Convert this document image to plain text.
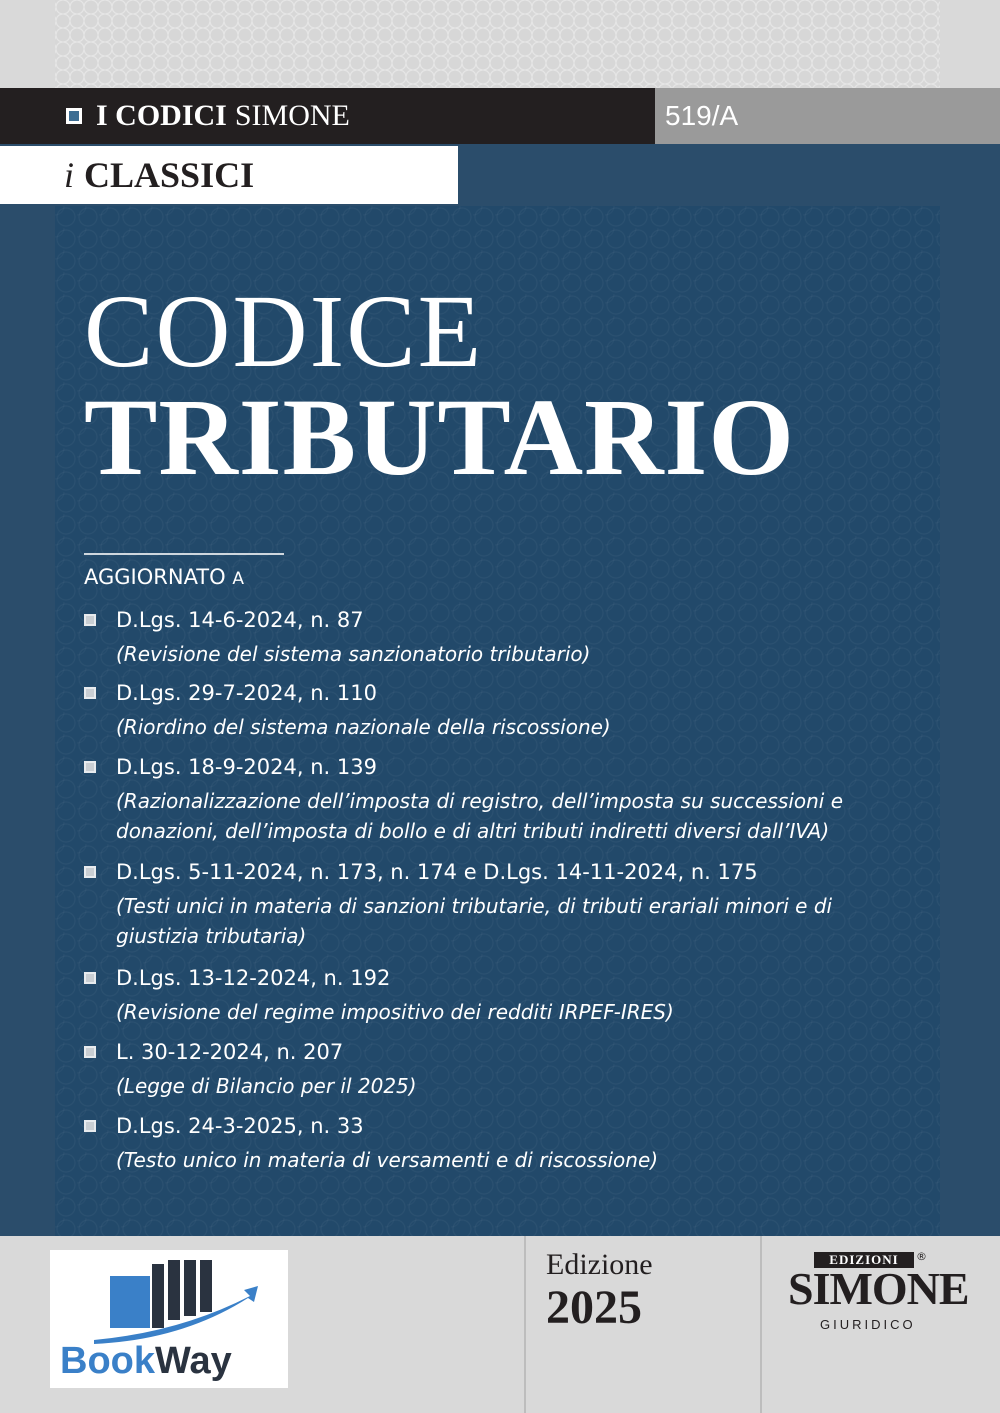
I CODICI SIMONE	519/A
i CLASSICI
CODICE
TRIBUTARIO
AGGIORNATO A
D.Lgs. 14-6-2024, n. 87
(Revisione del sistema sanzionatorio tributario)
D.Lgs. 29-7-2024, n. 110
(Riordino del sistema nazionale della riscossione)
D.Lgs. 18-9-2024, n. 139
(Razionalizzazione dell’imposta di registro, dell’imposta su successioni e donazioni, dell’imposta di bollo e di altri tributi indiretti diversi dall’IVA)
D.Lgs. 5-11-2024, n. 173, n. 174 e D.Lgs. 14-11-2024, n. 175
(Testi unici in materia di sanzioni tributarie, di tributi erariali minori e di giustizia tributaria)
D.Lgs. 13-12-2024, n. 192
(Revisione del regime impositivo dei redditi IRPEF-IRES)
L. 30-12-2024, n. 207
(Legge di Bilancio per il 2025)
D.Lgs. 24-3-2025, n. 33
(Testo unico in materia di versamenti e di riscossione)
Edizione
2025
EDIZIONI	®
SIMONE
GIURIDICO
BookWay
